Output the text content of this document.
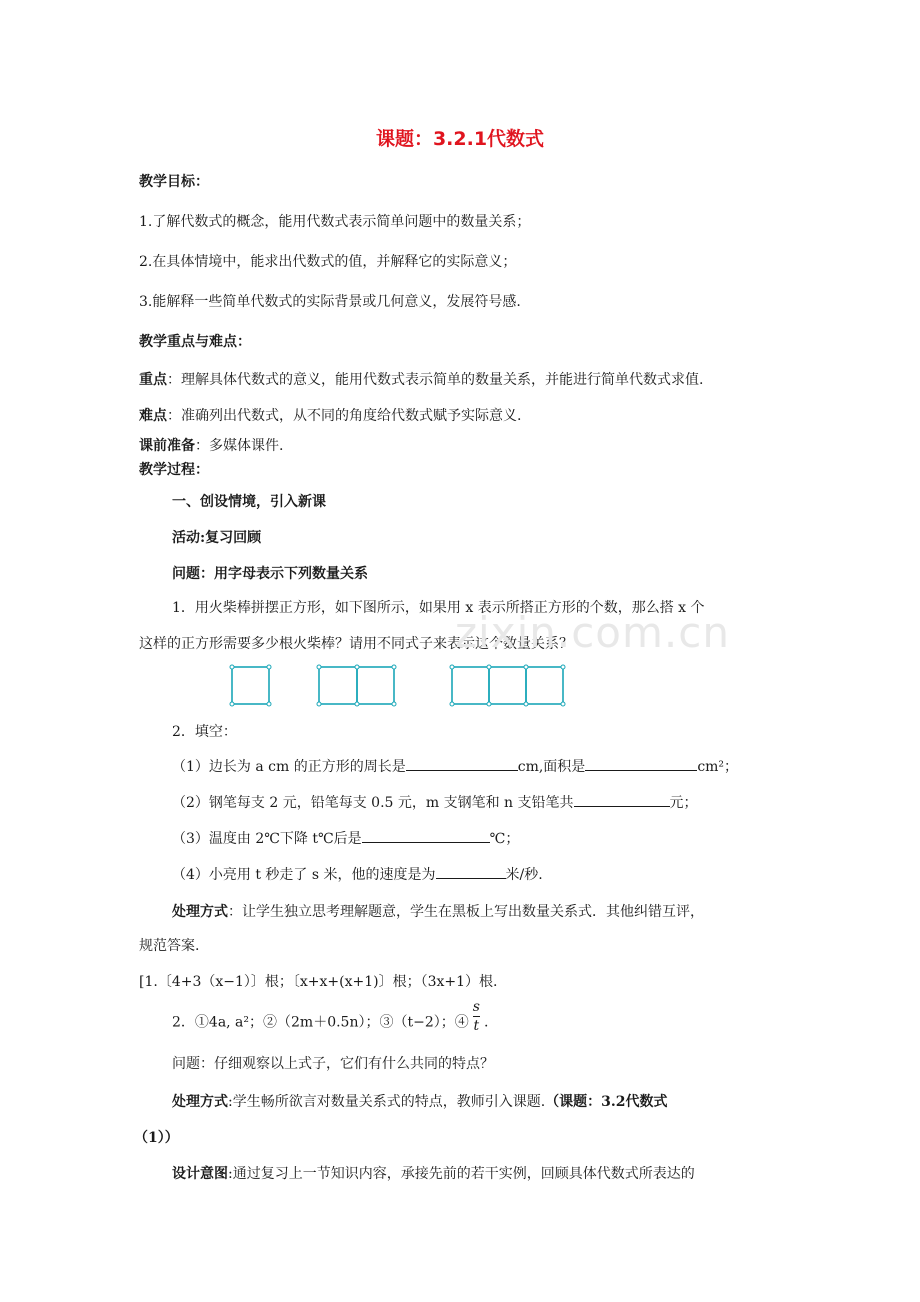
课题：3.2.1代数式
教学目标：
1.了解代数式的概念，能用代数式表示简单问题中的数量关系；
2.在具体情境中，能求出代数式的值，并解释它的实际意义；
3.能解释一些简单代数式的实际背景或几何意义，发展符号感.
教学重点与难点：
重点：理解具体代数式的意义，能用代数式表示简单的数量关系，并能进行简单代数式求值.
难点：准确列出代数式，从不同的角度给代数式赋予实际意义.
课前准备：多媒体课件.
教学过程：
一、创设情境，引入新课
活动:复习回顾
问题：用字母表示下列数量关系
1．用火柴棒拼摆正方形，如下图所示，如果用 x 表示所搭正方形的个数，那么搭 x 个
这样的正方形需要多少根火柴棒？请用不同式子来表示这个数量关系？
zixin.com.cn
2．填空：
（1）边长为 a cm 的正方形的周长是	cm,面积是	cm²；
（2）钢笔每支 2 元，铅笔每支 0.5 元，m 支钢笔和 n 支铅笔共	元；
（3）温度由 2℃下降 t℃后是	℃；
（4）小亮用 t 秒走了 s 米，他的速度是为	米/秒.
处理方式：让学生独立思考理解题意，学生在黑板上写出数量关系式．其他纠错互评，
规范答案.
[1.〔4+3（x−1）〕根；〔x+x+(x+1)〕根；（3x+1）根.
2．①4a, a²；②（2m＋0.5n）；③（t−2）；④ $\frac{s}{t}$ .
问题：仔细观察以上式子，它们有什么共同的特点？
处理方式:学生畅所欲言对数量关系式的特点，教师引入课题.（课题：3.2代数式
（1））
设计意图:通过复习上一节知识内容，承接先前的若干实例，回顾具体代数式所表达的
